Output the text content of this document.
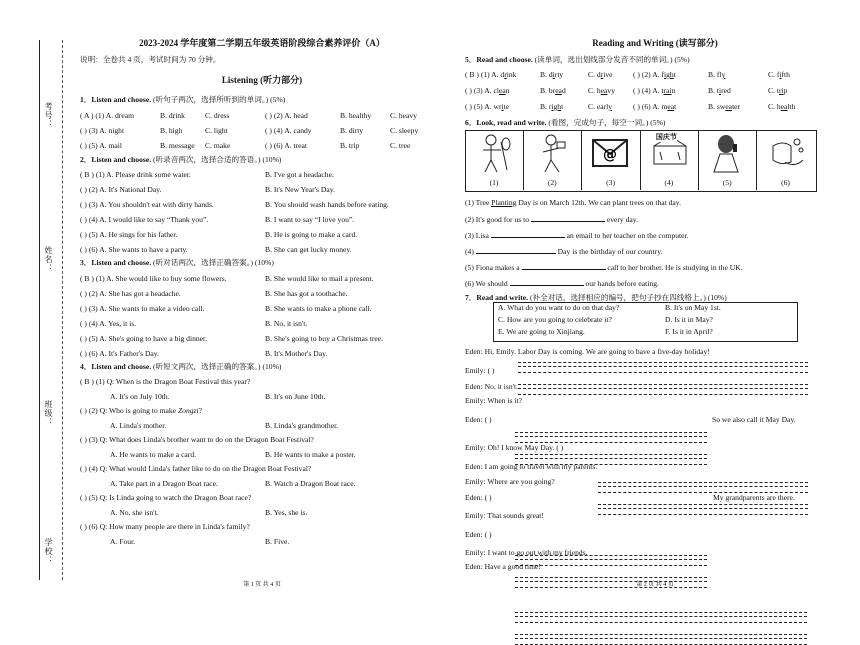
考号：
姓名：
班级：
学校：
2023-2024 学年度第二学期五年级英语阶段综合素养评价（A）
说明：全卷共 4 页，考试时间为 70 分钟。
Listening (听力部分)
1．Listen and choose. (听句子两次，选择所听到的单词。) (5%)
( A ) (1) A. dream	B. drink	C. dress	( ) (2) A. head	B. healthy C. heavy
( ) (3) A. night	B. high	C. light	( ) (4) A. candy	B. dirty	C. sleepy
( ) (5) A. mail	B. message C. make	( ) (6) A. treat	B. trip	C. tree
2．Listen and choose. (听录音两次，选择合适的答语。) (10%)
( B ) (1) A. Please drink some water.	B. I've got a headache.
( ) (2) A. It's National Day.	B. It's New Year's Day.
( ) (3) A. You shouldn't eat with dirty hands.	B. You should wash hands before eating.
( ) (4) A. I would like to say “Thank you”.	B. I want to say “I love you”.
( ) (5) A. He sings for his father.	B. He is going to make a card.
( ) (6) A. She wants to have a party.	B. She can get lucky money.
3．Listen and choose. (听对话两次，选择正确答案。) (10%)
( B ) (1) A. She would like to buy some flowers.	B. She would like to mail a present.
( ) (2) A. She has got a headache.	B. She has got a toothache.
( ) (3) A. She wants to make a video call.	B. She wants to make a phone call.
( ) (4) A. Yes, it is.	B. No, it isn't.
( ) (5) A. She's going to have a big dinner.	B. She's going to buy a Christmas tree.
( ) (6) A. It's Father's Day.	B. It's Mother's Day.
4．Listen and choose. (听短文两次，选择正确的答案。) (10%)
( B ) (1) Q: When is the Dragon Boat Festival this year?
A. It's on July 10th.	B. It's on June 10th.
( ) (2) Q: Who is going to make Zongzi?
A. Linda's mother.	B. Linda's grandmother.
( ) (3) Q: What does Linda's brother want to do on the Dragon Boat Festival?
A. He wants to make a card.	B. He wants to make a poster.
( ) (4) Q: What would Linda's father like to do on the Dragon Boat Festival?
A. Take part in a Dragon Boat race.	B. Watch a Dragon Boat race.
( ) (5) Q: Is Linda going to watch the Dragon Boat race?
A. No, she isn't.	B. Yes, she is.
( ) (6) Q: How many people are there in Linda's family?
A. Four.	B. Five.
第 1 页 共 4 页
Reading and Writing (读写部分)
5．Read and choose. (读单词，选出划线部分发音不同的单词。) (5%)
( B ) (1) A. drink	B. dirty	C. drive	( ) (2) A. fight	B. fly	C. fifth
( ) (3) A. clean	B. bread	C. heavy ( ) (4) A. train	B. tired	C. trip
( ) (5) A. write	B. right	C. early	( ) (6) A. meat	B. sweater	C. health
6．Look, read and write. (看图，完成句子，每空一词。) (5%)
(1) Tree Planting Day is on March 12th. We can plant trees on that day.
(2) It's good for us to	every day.
(3) Lisa	an email to her teacher on the computer.
(4)	Day is the birthday of our country.
(5) Fiona makes a	call to her brother. He is studying in the UK.
(6) We should	our hands before eating.
7．Read and write. (补全对话，选择相应的编号，把句子抄在四线格上。) (10%)
A. What do you want to do on that day?	B. It's on May 1st.
C. How are you going to celebrate it?	D. Is it in May?
E. We are going to Xinjiang.	F. Is it in April?
Eden: Hi, Emily. Labor Day is coming. We are going to have a five-day holiday!
Emily: ( )
Eden: No, it isn't.
Emily: When is it?
Eden: ( )	So we also call it May Day.
Emily: Oh! I know May Day. ( )
Eden: I am going to travel with my parents.
Emily: Where are you going?
Eden: ( )	My grandparents are there.
Emily: That sounds great!
Eden: ( )
Emily: I want to go out with my friends.
Eden: Have a good time!
(1)	(2)
@
(3)
国庆节
(4)	(5)	(6)
第 2 页 共 4 页
